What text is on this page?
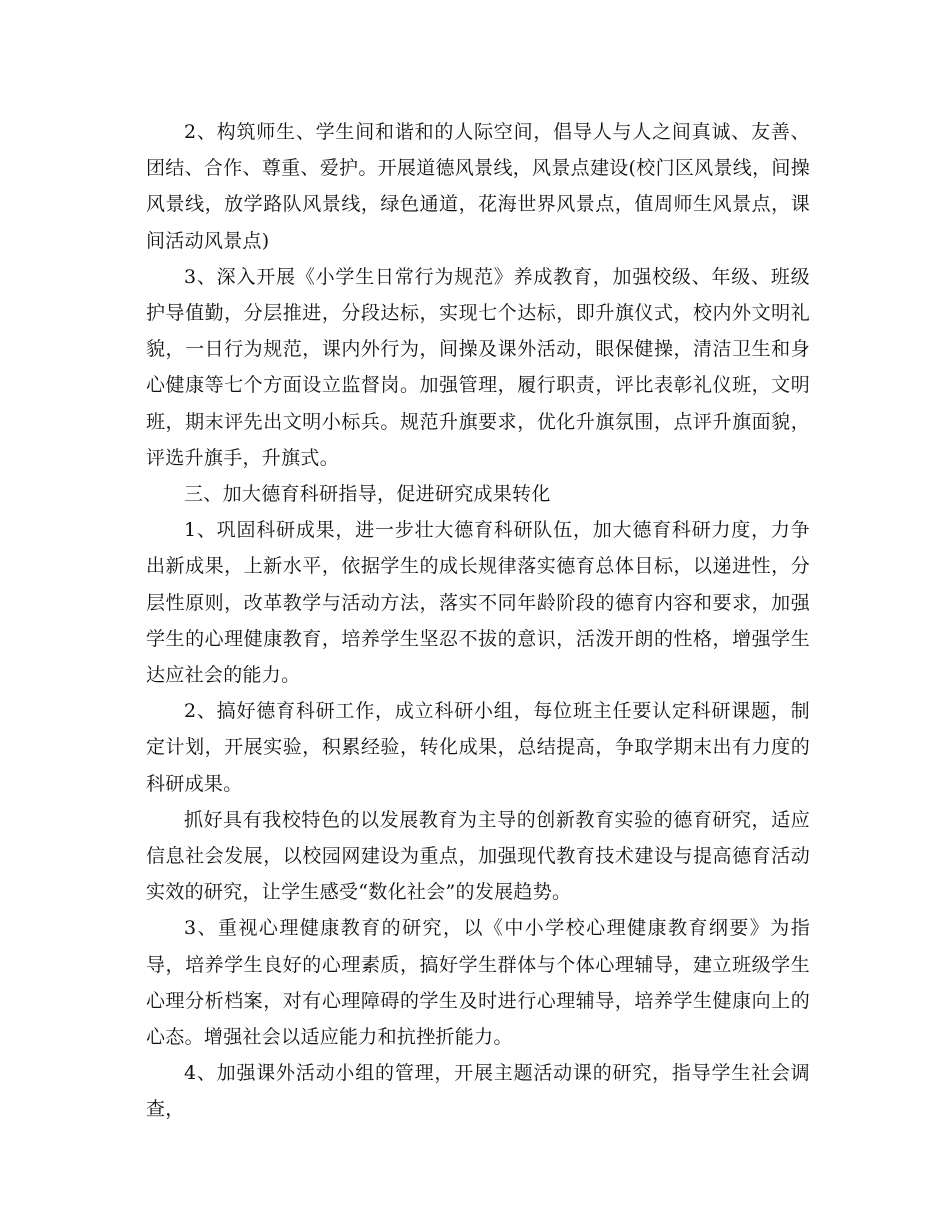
2、构筑师生、学生间和谐和的人际空间，倡导人与人之间真诚、友善、团结、合作、尊重、爱护。开展道德风景线，风景点建设(校门区风景线，间操风景线，放学路队风景线，绿色通道，花海世界风景点，值周师生风景点，课间活动风景点)

3、深入开展《小学生日常行为规范》养成教育，加强校级、年级、班级护导值勤，分层推进，分段达标，实现七个达标，即升旗仪式，校内外文明礼貌，一日行为规范，课内外行为，间操及课外活动，眼保健操，清洁卫生和身心健康等七个方面设立监督岗。加强管理，履行职责，评比表彰礼仪班，文明班，期末评先出文明小标兵。规范升旗要求，优化升旗氛围，点评升旗面貌，评选升旗手，升旗式。

三、加大德育科研指导，促进研究成果转化

1、巩固科研成果，进一步壮大德育科研队伍，加大德育科研力度，力争出新成果，上新水平，依据学生的成长规律落实德育总体目标，以递进性，分层性原则，改革教学与活动方法，落实不同年龄阶段的德育内容和要求，加强学生的心理健康教育，培养学生坚忍不拔的意识，活泼开朗的性格，增强学生达应社会的能力。

2、搞好德育科研工作，成立科研小组，每位班主任要认定科研课题，制定计划，开展实验，积累经验，转化成果，总结提高，争取学期末出有力度的科研成果。

抓好具有我校特色的以发展教育为主导的创新教育实验的德育研究，适应信息社会发展，以校园网建设为重点，加强现代教育技术建设与提高德育活动实效的研究，让学生感受“数化社会”的发展趋势。

3、重视心理健康教育的研究，以《中小学校心理健康教育纲要》为指导，培养学生良好的心理素质，搞好学生群体与个体心理辅导，建立班级学生心理分析档案，对有心理障碍的学生及时进行心理辅导，培养学生健康向上的心态。增强社会以适应能力和抗挫折能力。

4、加强课外活动小组的管理，开展主题活动课的研究，指导学生社会调查，
